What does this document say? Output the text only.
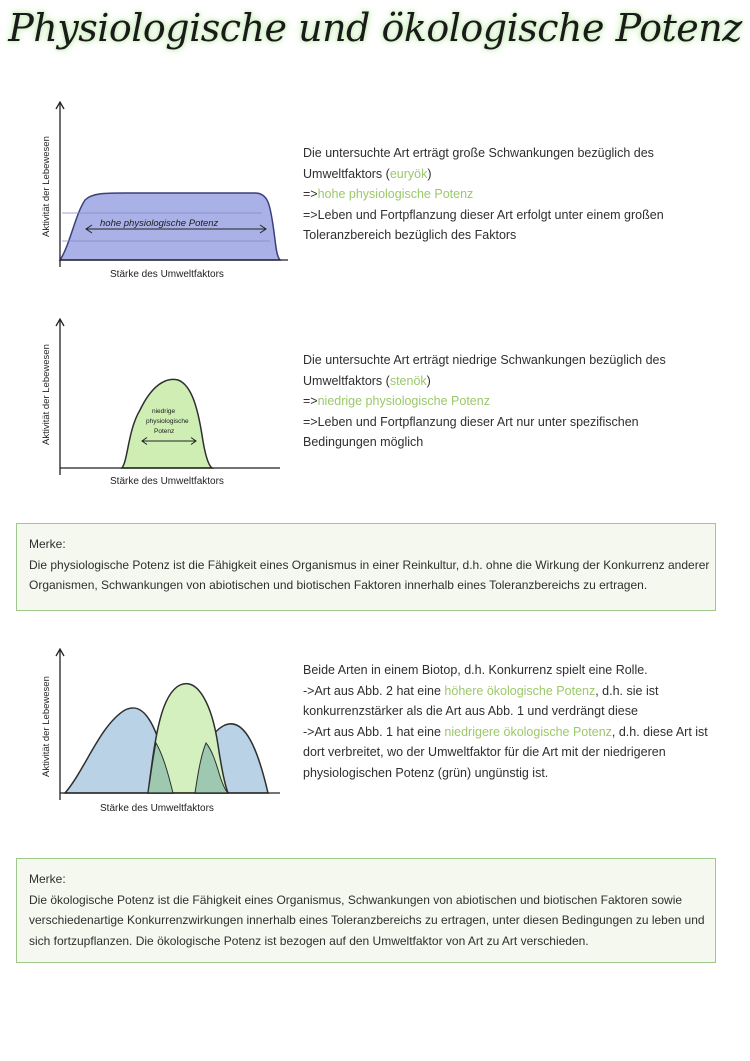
Physiologische und ökologische Potenz
hohe physiologische Potenz
Aktivität der Lebewesen
Stärke des Umweltfaktors
Die untersuchte Art erträgt große Schwankungen bezüglich des
Umweltfaktors (euryök)
=>hohe physiologische Potenz
=>Leben und Fortpflanzung dieser Art erfolgt unter einem großen
Toleranzbereich bezüglich des Faktors
niedrige
physiologische
Potenz
Aktivität der Lebewesen
Stärke des Umweltfaktors
Die untersuchte Art erträgt niedrige Schwankungen bezüglich des
Umweltfaktors (stenök)
=>niedrige physiologische Potenz
=>Leben und Fortpflanzung dieser Art nur unter spezifischen
Bedingungen möglich
Merke:
Die physiologische Potenz ist die Fähigkeit eines Organismus in einer Reinkultur, d.h. ohne die Wirkung der Konkurrenz anderer
Organismen, Schwankungen von abiotischen und biotischen Faktoren innerhalb eines Toleranzbereichs zu ertragen.
Aktivität der Lebewesen
Stärke des Umweltfaktors
Beide Arten in einem Biotop, d.h. Konkurrenz spielt eine Rolle.
->Art aus Abb. 2 hat eine höhere ökologische Potenz, d.h. sie ist
konkurrenzstärker als die Art aus Abb. 1 und verdrängt diese
->Art aus Abb. 1 hat eine niedrigere ökologische Potenz, d.h. diese Art ist
dort verbreitet, wo der Umweltfaktor für die Art mit der niedrigeren
physiologischen Potenz (grün) ungünstig ist.
Merke:
Die ökologische Potenz ist die Fähigkeit eines Organismus, Schwankungen von abiotischen und biotischen Faktoren sowie
verschiedenartige Konkurrenzwirkungen innerhalb eines Toleranzbereichs zu ertragen, unter diesen Bedingungen zu leben und
sich fortzupflanzen. Die ökologische Potenz ist bezogen auf den Umweltfaktor von Art zu Art verschieden.
